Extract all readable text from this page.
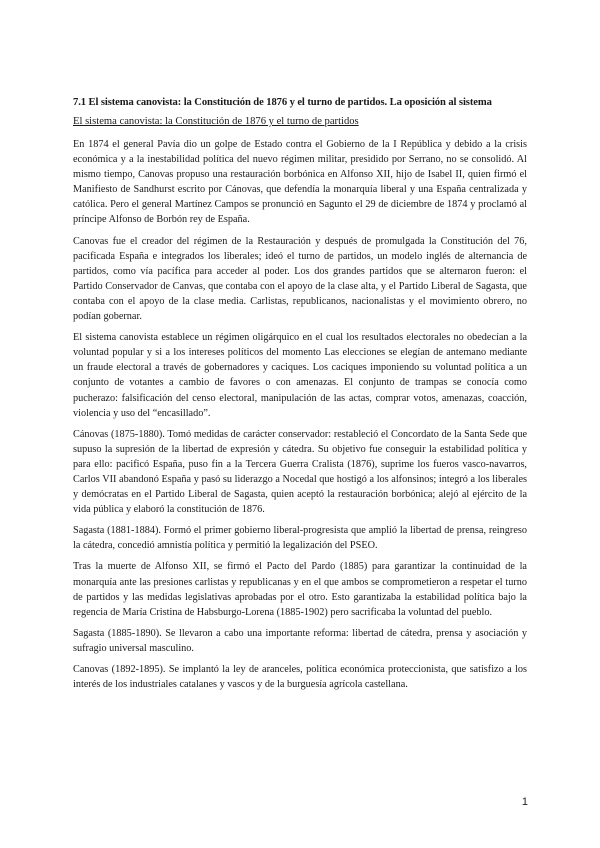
7.1 El sistema canovista: la Constitución de 1876 y el turno de partidos. La oposición al sistema
El sistema canovista: la Constitución de 1876 y el turno de partidos

En 1874 el general Pavía dio un golpe de Estado contra el Gobierno de la I República y debido a la crisis económica y a la inestabilidad política del nuevo régimen militar, presidido por Serrano, no se consolidó. Al mismo tiempo, Canovas propuso una restauración borbónica en Alfonso XII, hijo de Isabel II, quien firmó el Manifiesto de Sandhurst escrito por Cánovas, que defendía la monarquía liberal y una España centralizada y católica. Pero el general Martínez Campos se pronunció en Sagunto el 29 de diciembre de 1874 y proclamó al príncipe Alfonso de Borbón rey de España.

Canovas fue el creador del régimen de la Restauración y después de promulgada la Constitución del 76, pacificada España e integrados los liberales; ideó el turno de partidos, un modelo inglés de alternancia de partidos, como vía pacífica para acceder al poder. Los dos grandes partidos que se alternaron fueron: el Partido Conservador de Canvas, que contaba con el apoyo de la clase alta, y el Partido Liberal de Sagasta, que contaba con el apoyo de la clase media. Carlistas, republicanos, nacionalistas y el movimiento obrero, no podían gobernar.

El sistema canovista establece un régimen oligárquico en el cual los resultados electorales no obedecían a la voluntad popular y si a los intereses políticos del momento Las elecciones se elegían de antemano mediante un fraude electoral a través de gobernadores y caciques. Los caciques imponiendo su voluntad política a un conjunto de votantes a cambio de favores o con amenazas. El conjunto de trampas se conocía como pucherazo: falsificación del censo electoral, manipulación de las actas, comprar votos, amenazas, coacción, violencia y uso del “encasillado”.

Cánovas (1875-1880). Tomó medidas de carácter conservador: restableció el Concordato de la Santa Sede que supuso la supresión de la libertad de expresión y cátedra. Su objetivo fue conseguir la estabilidad política y para ello: pacificó España, puso fin a la Tercera Guerra Cralista (1876), suprime los fueros vasco-navarros, Carlos VII abandonó España y pasó su liderazgo a Nocedal que hostigó a los alfonsinos; integró a los liberales y demócratas en el Partido Liberal de Sagasta, quien aceptó la restauración borbónica; alejó al ejército de la vida pública y elaboró la constitución de 1876.

Sagasta (1881-1884). Formó el primer gobierno liberal-progresista que amplió la libertad de prensa, reingreso la cátedra, concedió amnistía política y permitió la legalización del PSEO.

Tras la muerte de Alfonso XII, se firmó el Pacto del Pardo (1885) para garantizar la continuidad de la monarquía ante las presiones carlistas y republicanas y en el que ambos se comprometieron a respetar el turno de partidos y las medidas legislativas aprobadas por el otro. Esto garantizaba la estabilidad política bajo la regencia de María Cristina de Habsburgo-Lorena (1885-1902) pero sacrificaba la voluntad del pueblo.

Sagasta (1885-1890). Se llevaron a cabo una importante reforma: libertad de cátedra, prensa y asociación y sufragio universal masculino.

Canovas (1892-1895). Se implantó la ley de aranceles, política económica proteccionista, que satisfizo a los interés de los industriales catalanes y vascos y de la burguesía agrícola castellana.

1
